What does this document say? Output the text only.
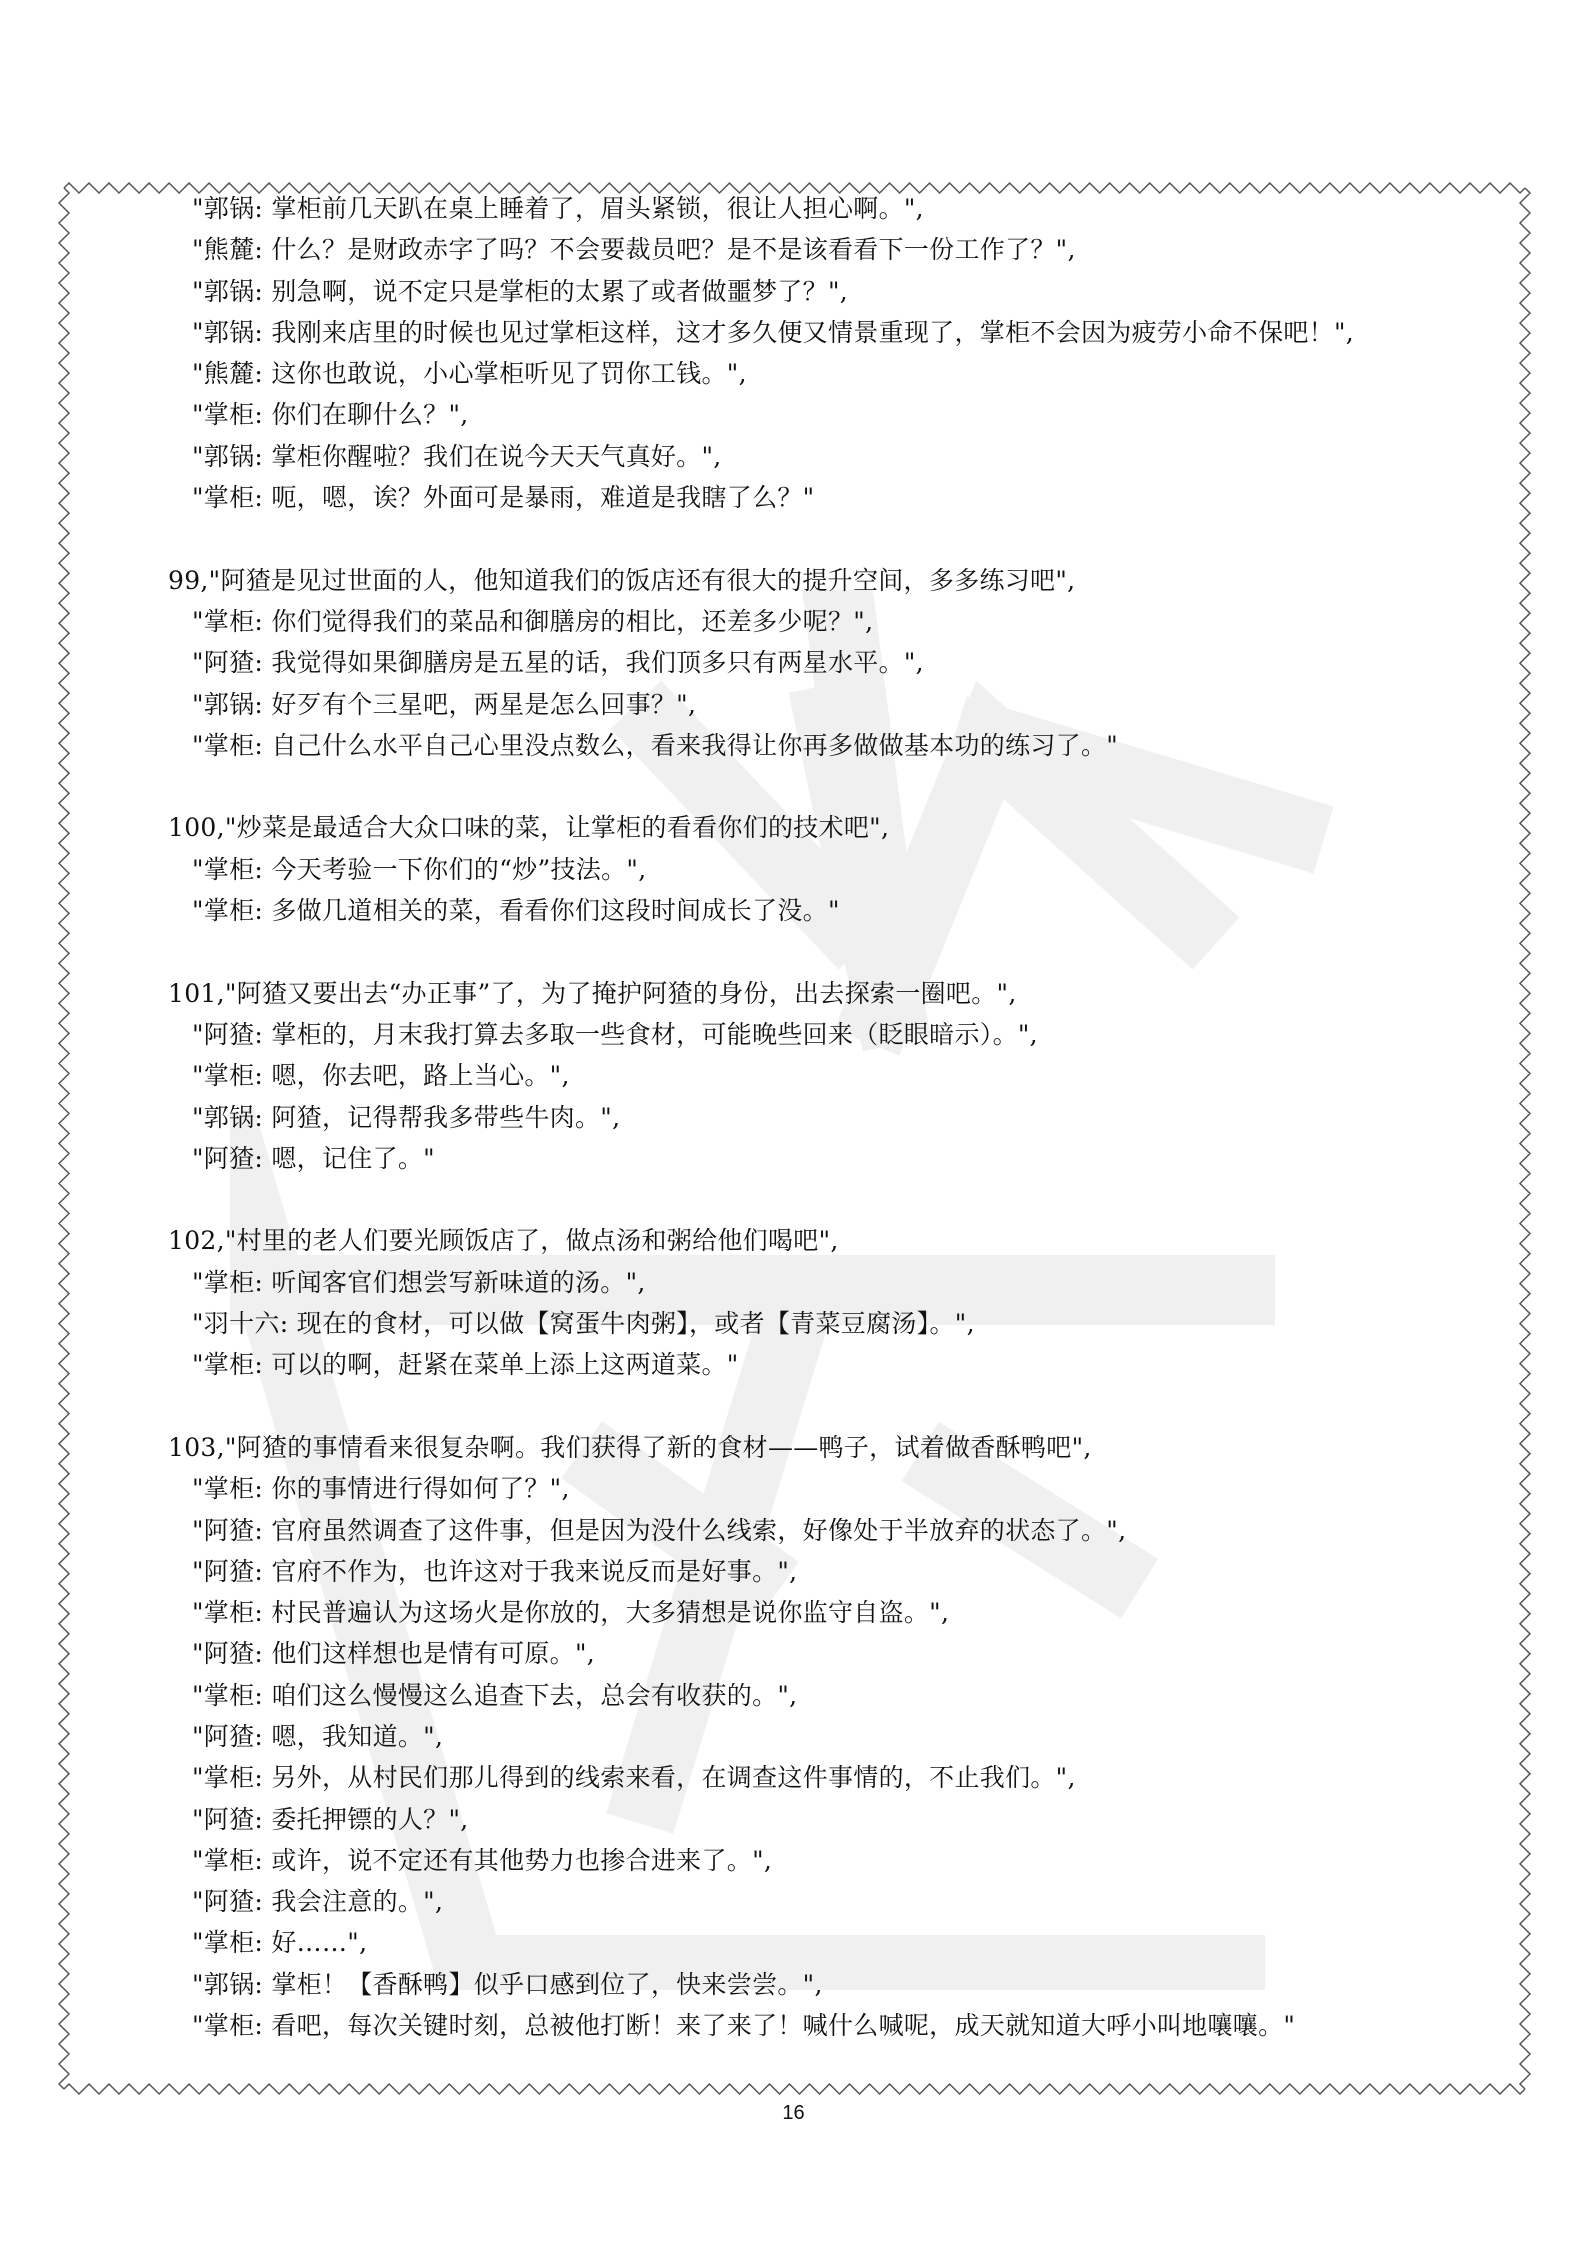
"郭锅: 掌柜前几天趴在桌上睡着了，眉头紧锁，很让人担心啊。",
"熊麓: 什么？是财政赤字了吗？不会要裁员吧？是不是该看看下一份工作了？",
"郭锅: 别急啊，说不定只是掌柜的太累了或者做噩梦了？",
"郭锅: 我刚来店里的时候也见过掌柜这样，这才多久便又情景重现了，掌柜不会因为疲劳小命不保吧！",
"熊麓: 这你也敢说，小心掌柜听见了罚你工钱。",
"掌柜: 你们在聊什么？",
"郭锅: 掌柜你醒啦？我们在说今天天气真好。",
"掌柜: 呃，嗯，诶？外面可是暴雨，难道是我瞎了么？"
99,"阿猹是见过世面的人，他知道我们的饭店还有很大的提升空间，多多练习吧",
"掌柜: 你们觉得我们的菜品和御膳房的相比，还差多少呢？",
"阿猹: 我觉得如果御膳房是五星的话，我们顶多只有两星水平。",
"郭锅: 好歹有个三星吧，两星是怎么回事？",
"掌柜: 自己什么水平自己心里没点数么，看来我得让你再多做做基本功的练习了。"
100,"炒菜是最适合大众口味的菜，让掌柜的看看你们的技术吧",
"掌柜: 今天考验一下你们的“炒”技法。",
"掌柜: 多做几道相关的菜，看看你们这段时间成长了没。"
101,"阿猹又要出去“办正事”了，为了掩护阿猹的身份，出去探索一圈吧。",
"阿猹: 掌柜的，月末我打算去多取一些食材，可能晚些回来（眨眼暗示）。",
"掌柜: 嗯，你去吧，路上当心。",
"郭锅: 阿猹，记得帮我多带些牛肉。",
"阿猹: 嗯，记住了。"
102,"村里的老人们要光顾饭店了，做点汤和粥给他们喝吧",
"掌柜: 听闻客官们想尝写新味道的汤。",
"羽十六: 现在的食材，可以做【窝蛋牛肉粥】，或者【青菜豆腐汤】。",
"掌柜: 可以的啊，赶紧在菜单上添上这两道菜。"
103,"阿猹的事情看来很复杂啊。我们获得了新的食材——鸭子，试着做香酥鸭吧",
"掌柜: 你的事情进行得如何了？",
"阿猹: 官府虽然调查了这件事，但是因为没什么线索，好像处于半放弃的状态了。",
"阿猹: 官府不作为，也许这对于我来说反而是好事。",
"掌柜: 村民普遍认为这场火是你放的，大多猜想是说你监守自盗。",
"阿猹: 他们这样想也是情有可原。",
"掌柜: 咱们这么慢慢这么追查下去，总会有收获的。",
"阿猹: 嗯，我知道。",
"掌柜: 另外，从村民们那儿得到的线索来看，在调查这件事情的，不止我们。",
"阿猹: 委托押镖的人？",
"掌柜: 或许，说不定还有其他势力也掺合进来了。",
"阿猹: 我会注意的。",
"掌柜: 好……",
"郭锅: 掌柜！【香酥鸭】似乎口感到位了，快来尝尝。",
"掌柜: 看吧，每次关键时刻，总被他打断！来了来了！喊什么喊呢，成天就知道大呼小叫地嚷嚷。"
16
